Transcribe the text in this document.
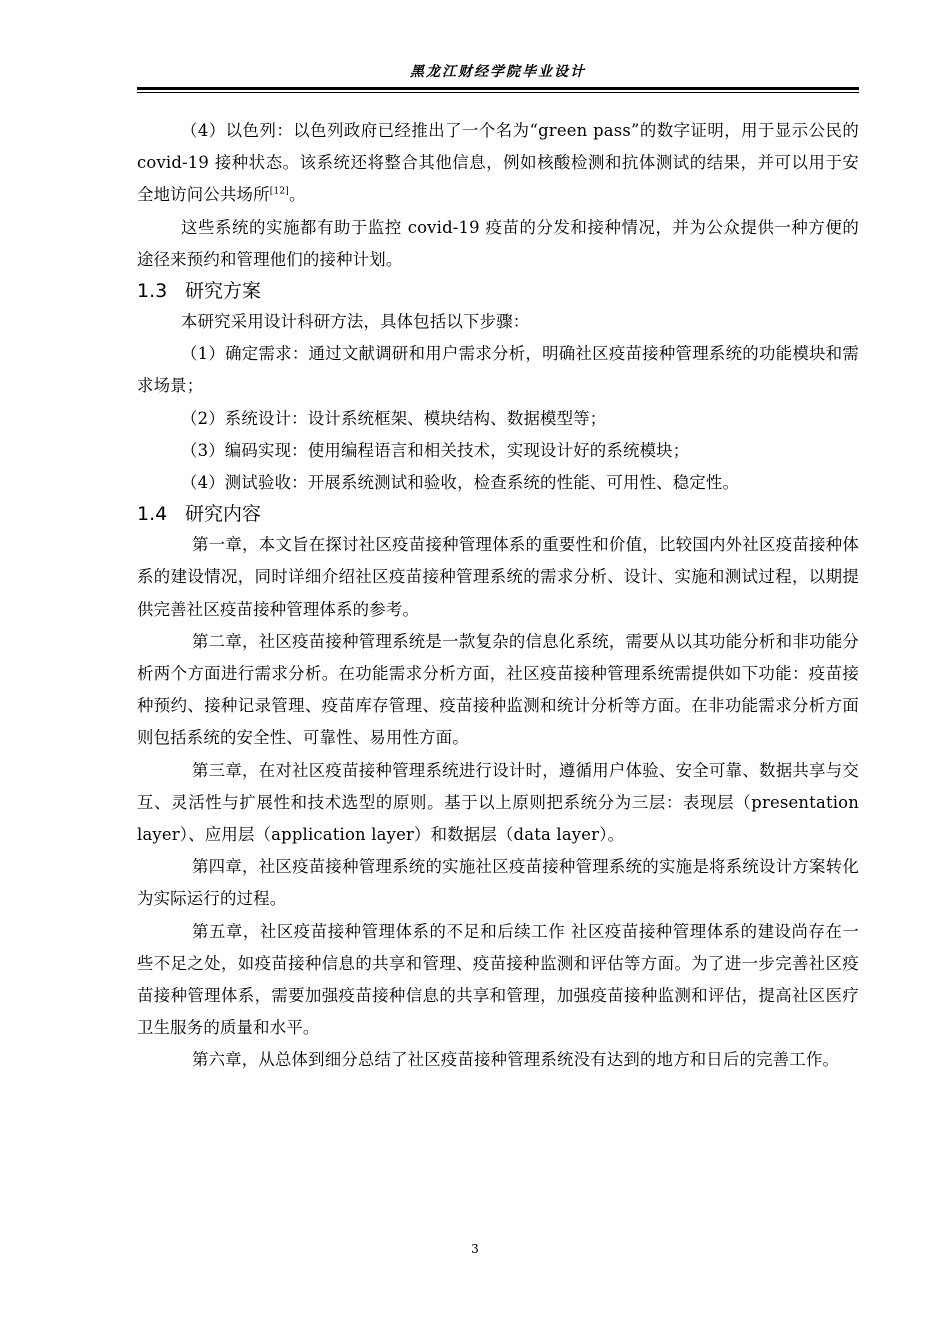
黑龙江财经学院毕业设计

（4）以色列：以色列政府已经推出了一个名为“green pass”的数字证明，用于显示公民的 covid-19 接种状态。该系统还将整合其他信息，例如核酸检测和抗体测试的结果，并可以用于安全地访问公共场所[12]。

这些系统的实施都有助于监控 covid-19 疫苗的分发和接种情况，并为公众提供一种方便的途径来预约和管理他们的接种计划。

1.3 研究方案

本研究采用设计科研方法，具体包括以下步骤：

（1）确定需求：通过文献调研和用户需求分析，明确社区疫苗接种管理系统的功能模块和需求场景；

（2）系统设计：设计系统框架、模块结构、数据模型等；

（3）编码实现：使用编程语言和相关技术，实现设计好的系统模块；

（4）测试验收：开展系统测试和验收，检查系统的性能、可用性、稳定性。

1.4 研究内容

第一章，本文旨在探讨社区疫苗接种管理体系的重要性和价值，比较国内外社区疫苗接种体系的建设情况，同时详细介绍社区疫苗接种管理系统的需求分析、设计、实施和测试过程，以期提供完善社区疫苗接种管理体系的参考。

第二章，社区疫苗接种管理系统是一款复杂的信息化系统，需要从以其功能分析和非功能分析两个方面进行需求分析。在功能需求分析方面，社区疫苗接种管理系统需提供如下功能：疫苗接种预约、接种记录管理、疫苗库存管理、疫苗接种监测和统计分析等方面。在非功能需求分析方面则包括系统的安全性、可靠性、易用性方面。

第三章，在对社区疫苗接种管理系统进行设计时，遵循用户体验、安全可靠、数据共享与交互、灵活性与扩展性和技术选型的原则。基于以上原则把系统分为三层：表现层（presentation layer）、应用层（application layer）和数据层（data layer）。

第四章，社区疫苗接种管理系统的实施社区疫苗接种管理系统的实施是将系统设计方案转化为实际运行的过程。

第五章，社区疫苗接种管理体系的不足和后续工作 社区疫苗接种管理体系的建设尚存在一些不足之处，如疫苗接种信息的共享和管理、疫苗接种监测和评估等方面。为了进一步完善社区疫苗接种管理体系，需要加强疫苗接种信息的共享和管理，加强疫苗接种监测和评估，提高社区医疗卫生服务的质量和水平。

第六章，从总体到细分总结了社区疫苗接种管理系统没有达到的地方和日后的完善工作。

3
